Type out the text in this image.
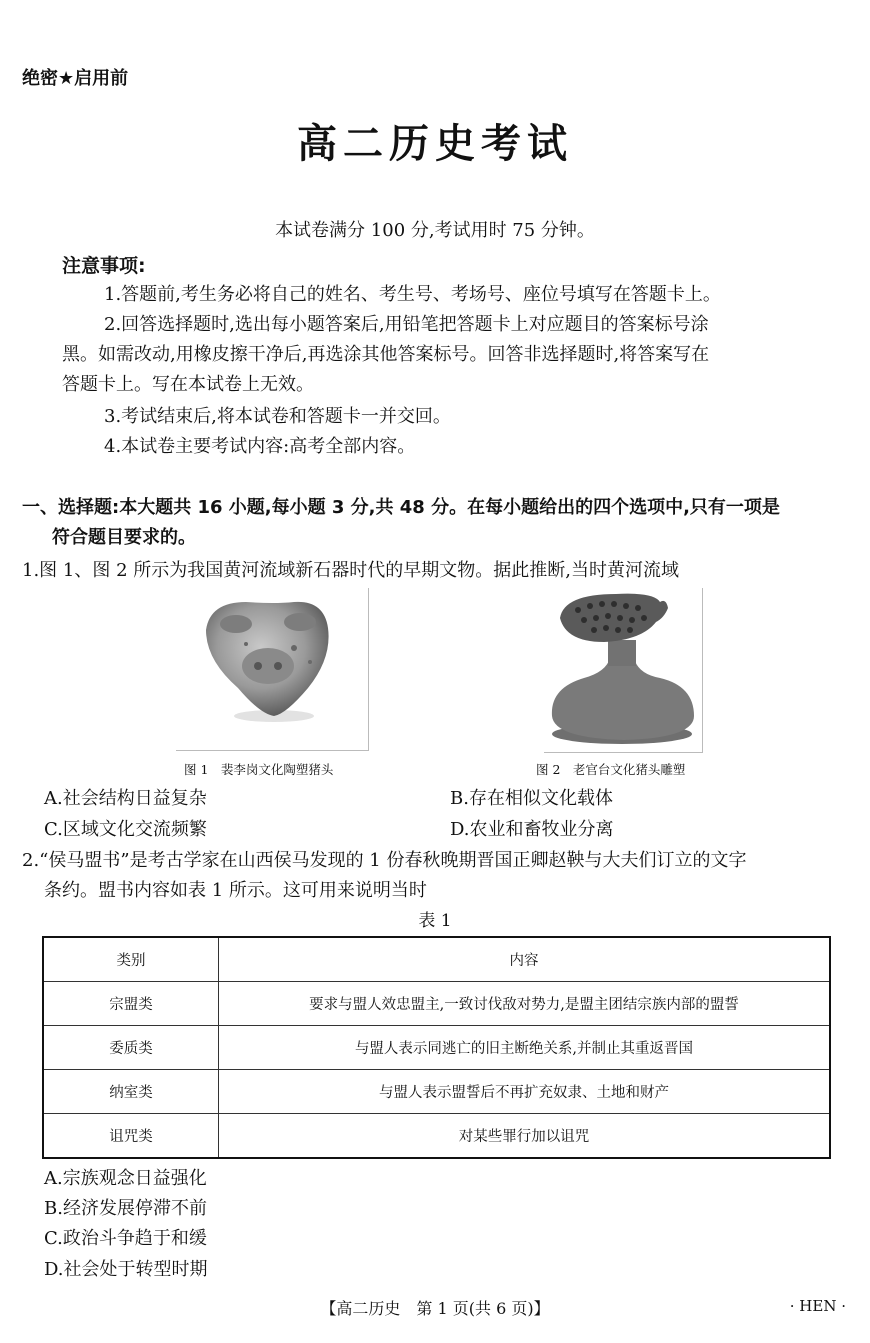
绝密★启用前
高二历史考试
本试卷满分 100 分,考试用时 75 分钟。
注意事项:
1.答题前,考生务必将自己的姓名、考生号、考场号、座位号填写在答题卡上。
2.回答选择题时,选出每小题答案后,用铅笔把答题卡上对应题目的答案标号涂
黑。如需改动,用橡皮擦干净后,再选涂其他答案标号。回答非选择题时,将答案写在
答题卡上。写在本试卷上无效。
3.考试结束后,将本试卷和答题卡一并交回。
4.本试卷主要考试内容:高考全部内容。
一、选择题:本大题共 16 小题,每小题 3 分,共 48 分。在每小题给出的四个选项中,只有一项是
符合题目要求的。
1.图 1、图 2 所示为我国黄河流域新石器时代的早期文物。据此推断,当时黄河流域
图 1　裴李岗文化陶塑猪头	图 2　老官台文化猪头雕塑
A.社会结构日益复杂	B.存在相似文化载体
C.区域文化交流频繁	D.农业和畜牧业分离
2.“侯马盟书”是考古学家在山西侯马发现的 1 份春秋晚期晋国正卿赵鞅与大夫们订立的文字
条约。盟书内容如表 1 所示。这可用来说明当时
表 1
类别	内容
宗盟类	要求与盟人效忠盟主,一致讨伐敌对势力,是盟主团结宗族内部的盟誓
委质类	与盟人表示同逃亡的旧主断绝关系,并制止其重返晋国
纳室类	与盟人表示盟誓后不再扩充奴隶、土地和财产
诅咒类	对某些罪行加以诅咒
A.宗族观念日益强化
B.经济发展停滞不前
C.政治斗争趋于和缓
D.社会处于转型时期
【高二历史　第 1 页(共 6 页)】	· HEN ·
